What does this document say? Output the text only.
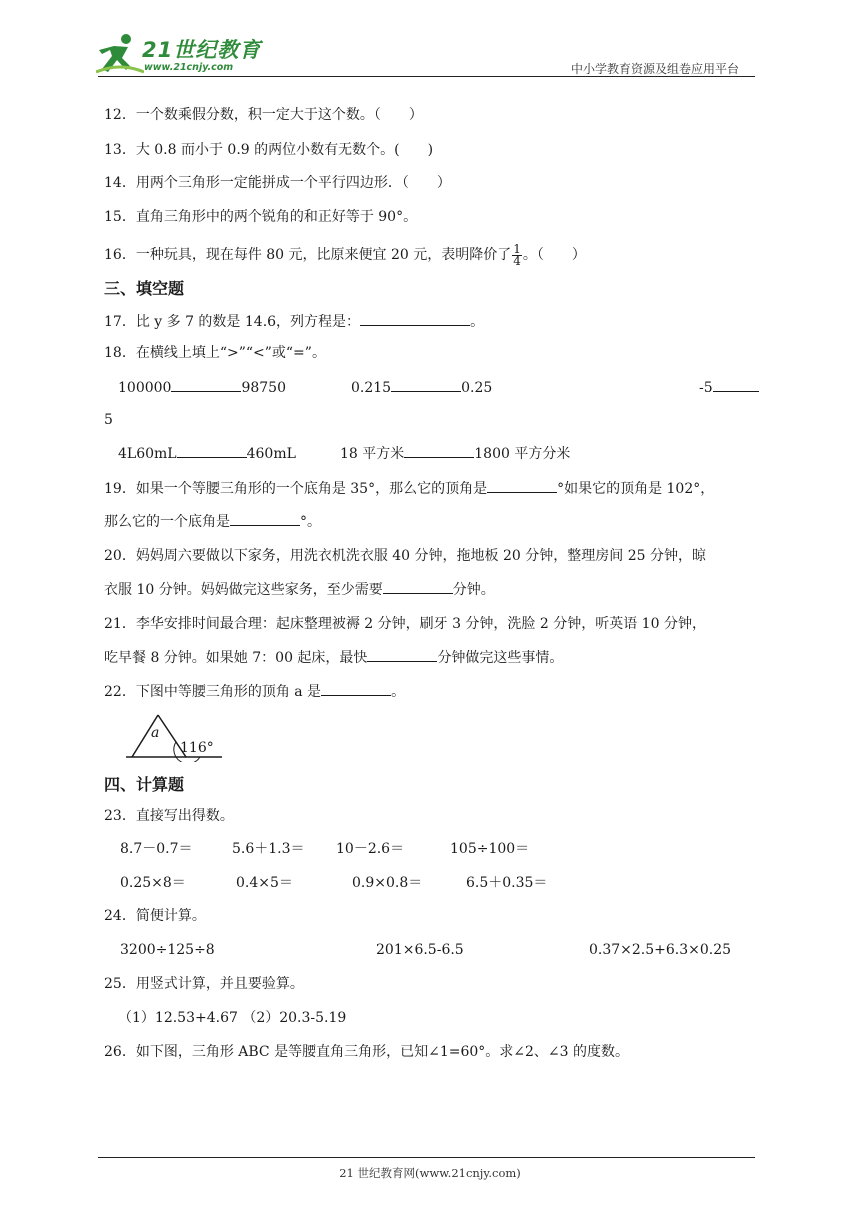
21世纪教育
www.21cnjy.com	中小学教育资源及组卷应用平台
12．一个数乘假分数，积一定大于这个数。（　　）
13．大 0.8 而小于 0.9 的两位小数有无数个。(　　)
14．用两个三角形一定能拼成一个平行四边形．（　　）
15．直角三角形中的两个锐角的和正好等于 90°。
16．一种玩具，现在每件 80 元，比原来便宜 20 元，表明降价了 $\frac{1}{4}$ 。（　　）
三、填空题
17．比 y 多 7 的数是 14.6，列方程是：	。
18．在横线上填上“>”“<”或“=”。
100000	98750	0.215	0.25	-5
5
4L60mL	460mL	18 平方米	1800 平方分米
19．如果一个等腰三角形的一个底角是 35°，那么它的顶角是	°如果它的顶角是 102°，
那么它的一个底角是	°。
20．妈妈周六要做以下家务，用洗衣机洗衣服 40 分钟，拖地板 20 分钟，整理房间 25 分钟，晾
衣服 10 分钟。妈妈做完这些家务，至少需要	分钟。
21．李华安排时间最合理：起床整理被褥 2 分钟，刷牙 3 分钟，洗脸 2 分钟，听英语 10 分钟，
吃早餐 8 分钟。如果她 7：00 起床，最快	分钟做完这些事情。
22．下图中等腰三角形的顶角 a 是	。
a
116°
四、计算题
23．直接写出得数。
8.7－0.7＝	5.6＋1.3＝ 10－2.6＝	105÷100＝
0.25×8＝	0.4×5＝	0.9×0.8＝	6.5＋0.35＝
24．简便计算。
3200÷125÷8	201×6.5-6.5	0.37×2.5+6.3×0.25
25．用竖式计算，并且要验算。
（1）12.53+4.67 （2）20.3-5.19
26．如下图，三角形 ABC 是等腰直角三角形，已知∠1=60°。求∠2、∠3 的度数。
21 世纪教育网(www.21cnjy.com)
